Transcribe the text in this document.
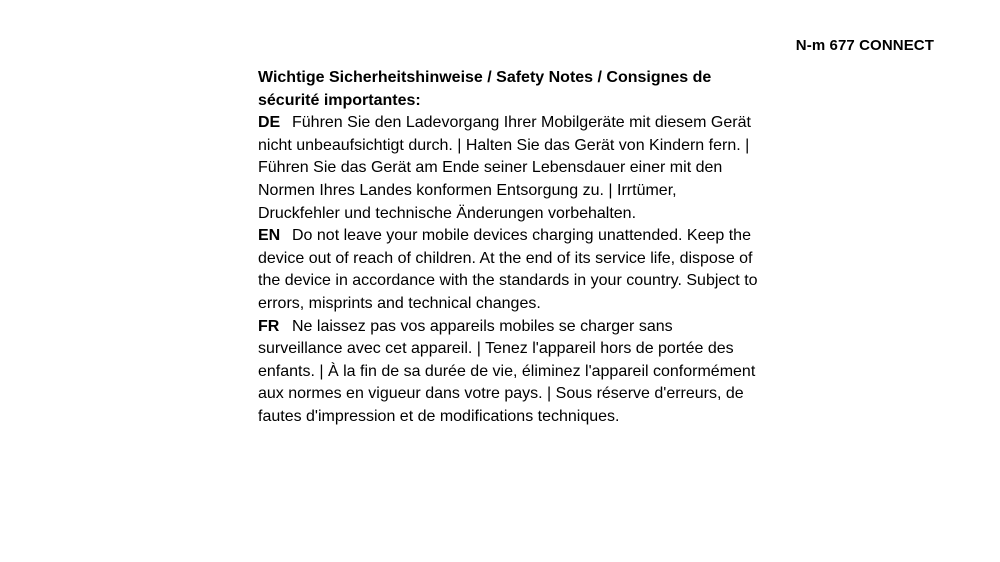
N-m 677 CONNECT

Wichtige Sicherheitshinweise / Safety Notes / Consignes de sécurité importantes:

DE Führen Sie den Ladevorgang Ihrer Mobilgeräte mit diesem Gerät nicht unbeaufsichtigt durch. | Halten Sie das Gerät von Kindern fern. | Führen Sie das Gerät am Ende seiner Lebensdauer einer mit den Normen Ihres Landes konformen Entsorgung zu. | Irrtümer, Druckfehler und technische Änderungen vorbehalten.

EN Do not leave your mobile devices charging unattended. Keep the device out of reach of children. At the end of its service life, dispose of the device in accordance with the standards in your country. Subject to errors, misprints and technical changes.

FR Ne laissez pas vos appareils mobiles se charger sans surveillance avec cet appareil. | Tenez l'appareil hors de portée des enfants. | À la fin de sa durée de vie, éliminez l'appareil conformément aux normes en vigueur dans votre pays. | Sous réserve d'erreurs, de fautes d'impression et de modifications techniques.
